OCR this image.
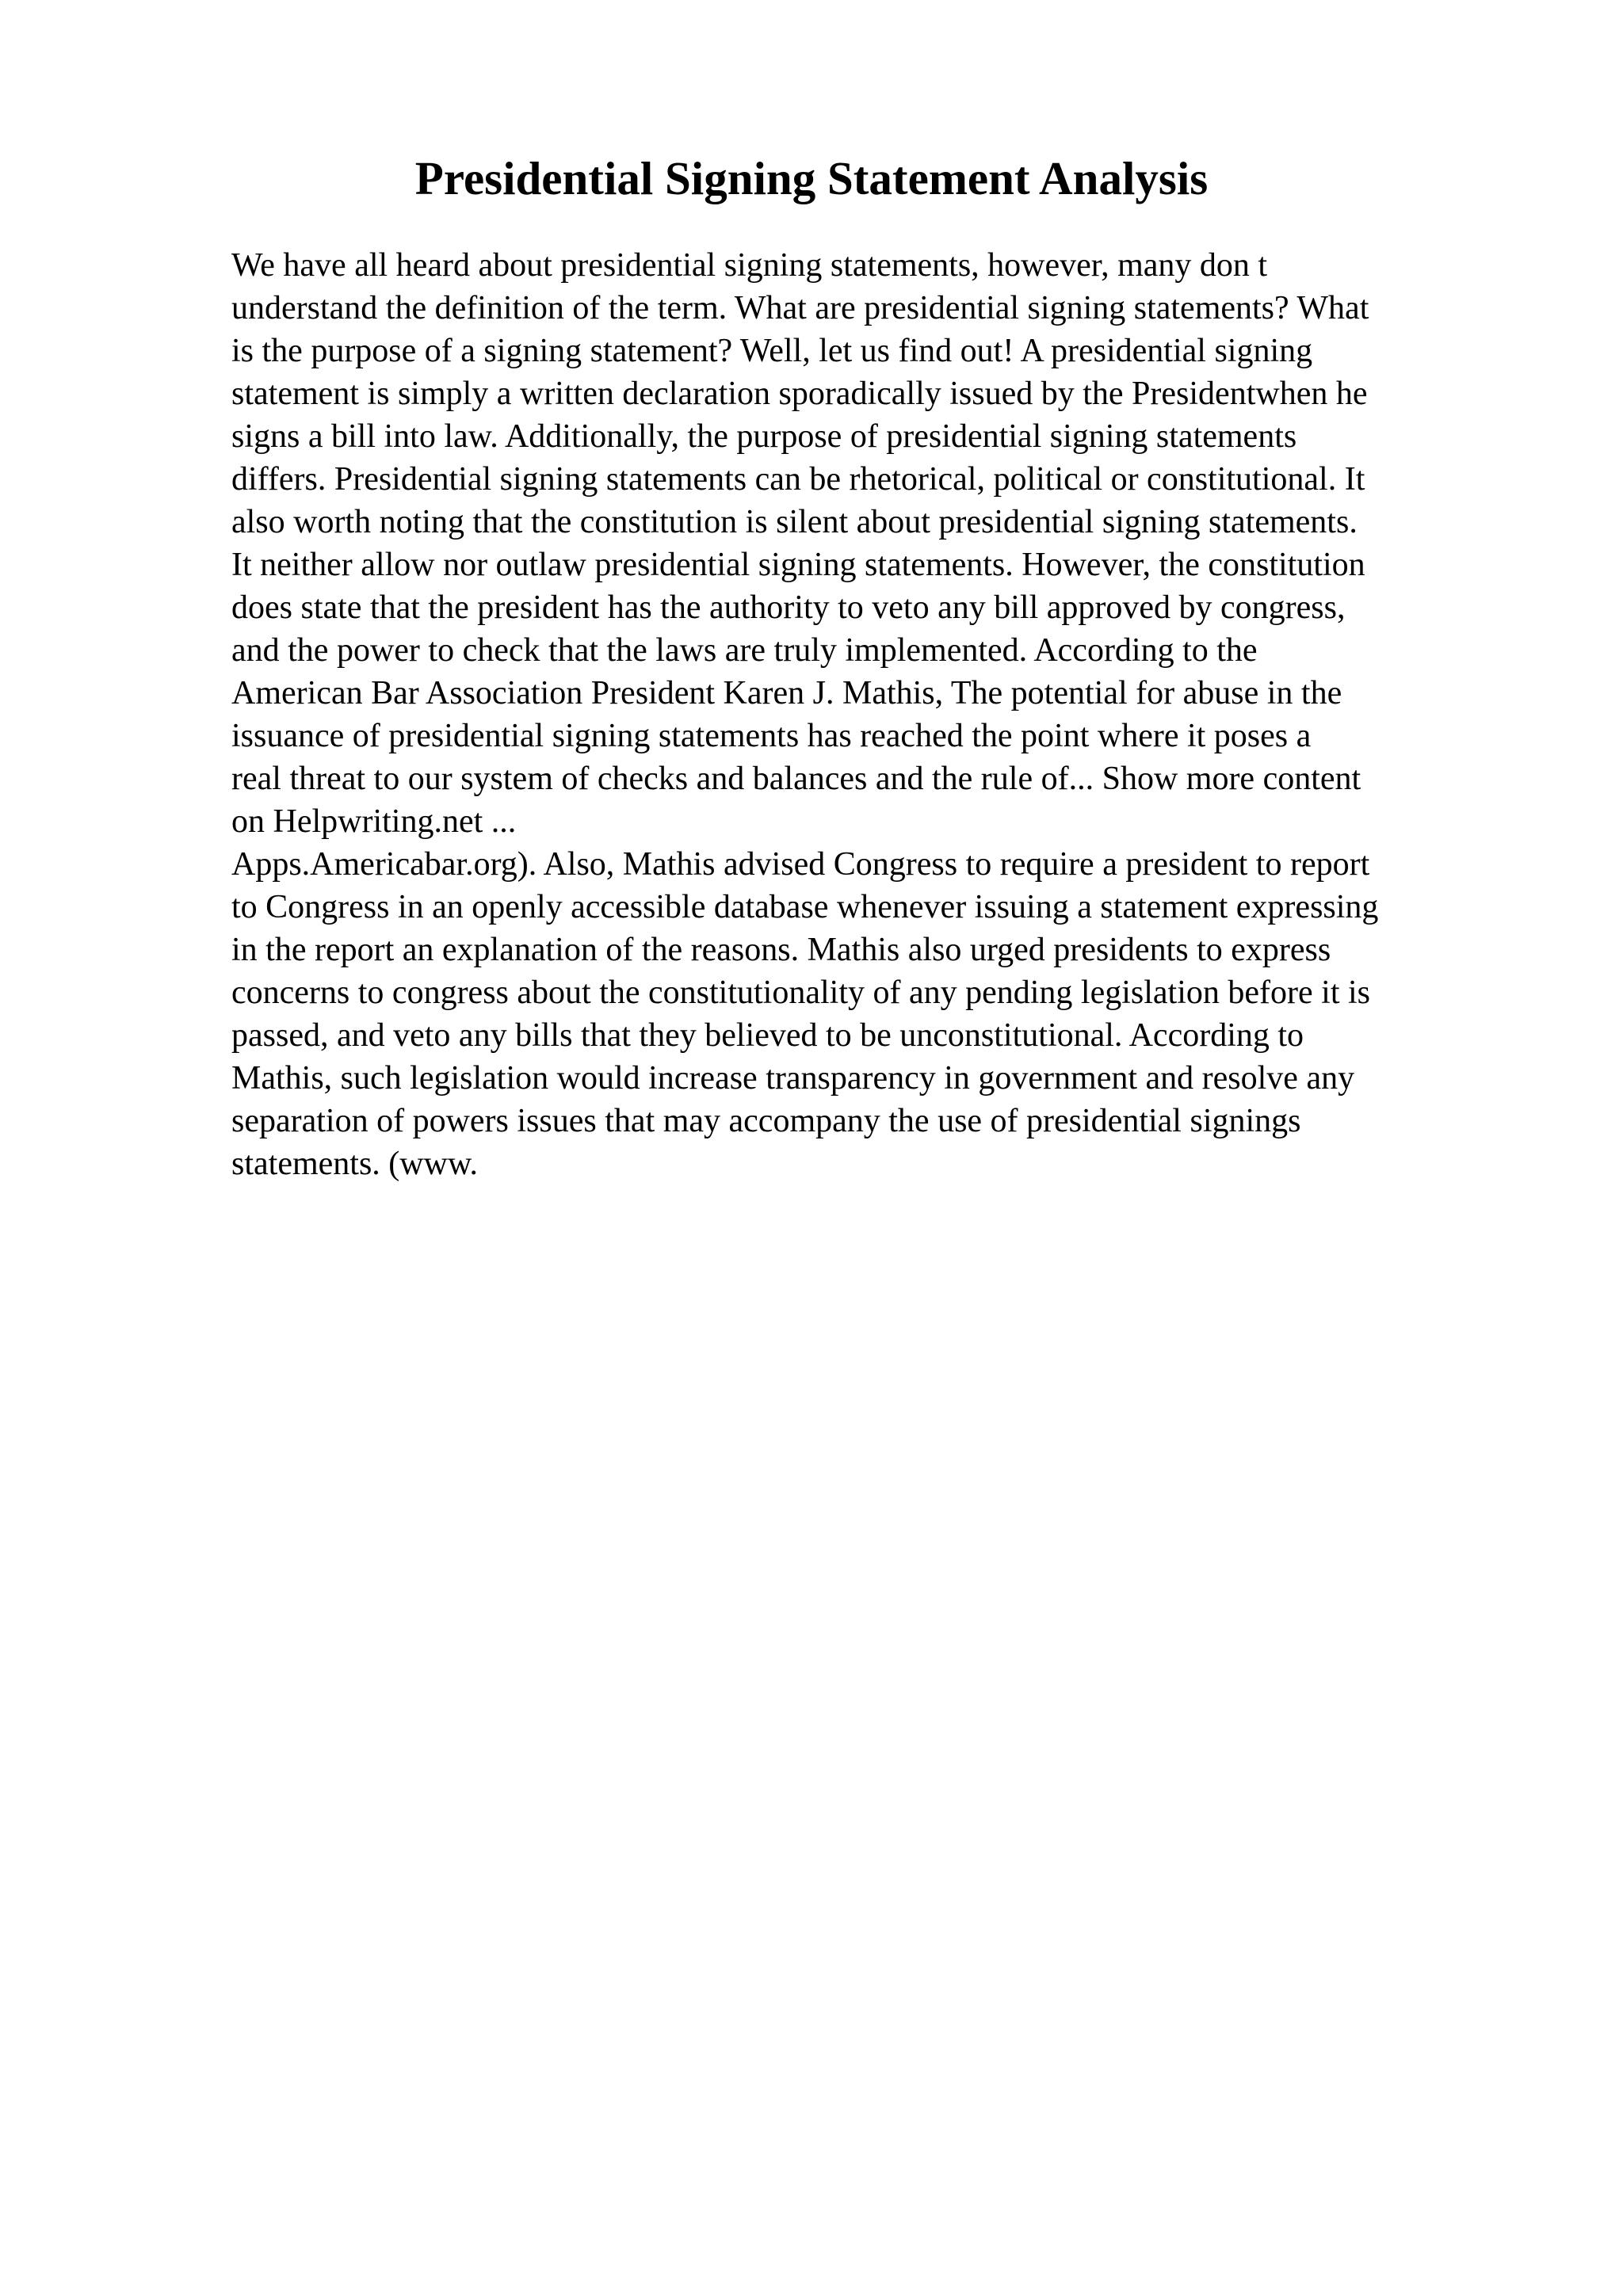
Presidential Signing Statement Analysis
We have all heard about presidential signing statements, however, many don t
understand the definition of the term. What are presidential signing statements? What
is the purpose of a signing statement? Well, let us find out! A presidential signing
statement is simply a written declaration sporadically issued by the Presidentwhen he
signs a bill into law. Additionally, the purpose of presidential signing statements
differs. Presidential signing statements can be rhetorical, political or constitutional. It
also worth noting that the constitution is silent about presidential signing statements.
It neither allow nor outlaw presidential signing statements. However, the constitution
does state that the president has the authority to veto any bill approved by congress,
and the power to check that the laws are truly implemented. According to the
American Bar Association President Karen J. Mathis, The potential for abuse in the
issuance of presidential signing statements has reached the point where it poses a
real threat to our system of checks and balances and the rule of... Show more content
on Helpwriting.net ...
Apps.Americabar.org). Also, Mathis advised Congress to require a president to report
to Congress in an openly accessible database whenever issuing a statement expressing
in the report an explanation of the reasons. Mathis also urged presidents to express
concerns to congress about the constitutionality of any pending legislation before it is
passed, and veto any bills that they believed to be unconstitutional. According to
Mathis, such legislation would increase transparency in government and resolve any
separation of powers issues that may accompany the use of presidential signings
statements. (www.
